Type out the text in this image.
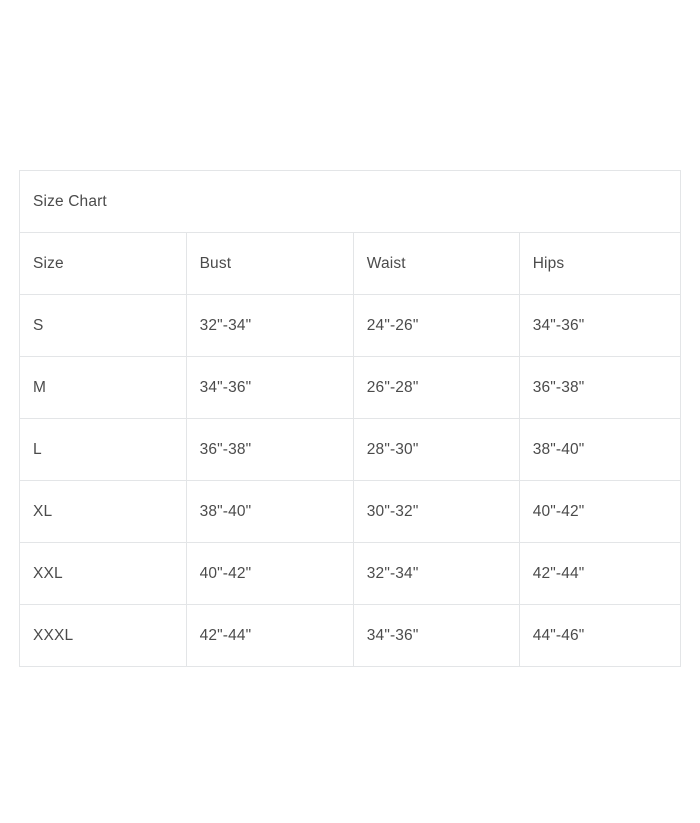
Size Chart			
Size	Bust	Waist	Hips
S	32"-34"	24"-26"	34"-36"
M	34"-36"	26"-28"	36"-38"
L	36"-38"	28"-30"	38"-40"
XL	38"-40"	30"-32"	40"-42"
XXL	40"-42"	32"-34"	42"-44"
XXXL	42"-44"	34"-36"	44"-46"
